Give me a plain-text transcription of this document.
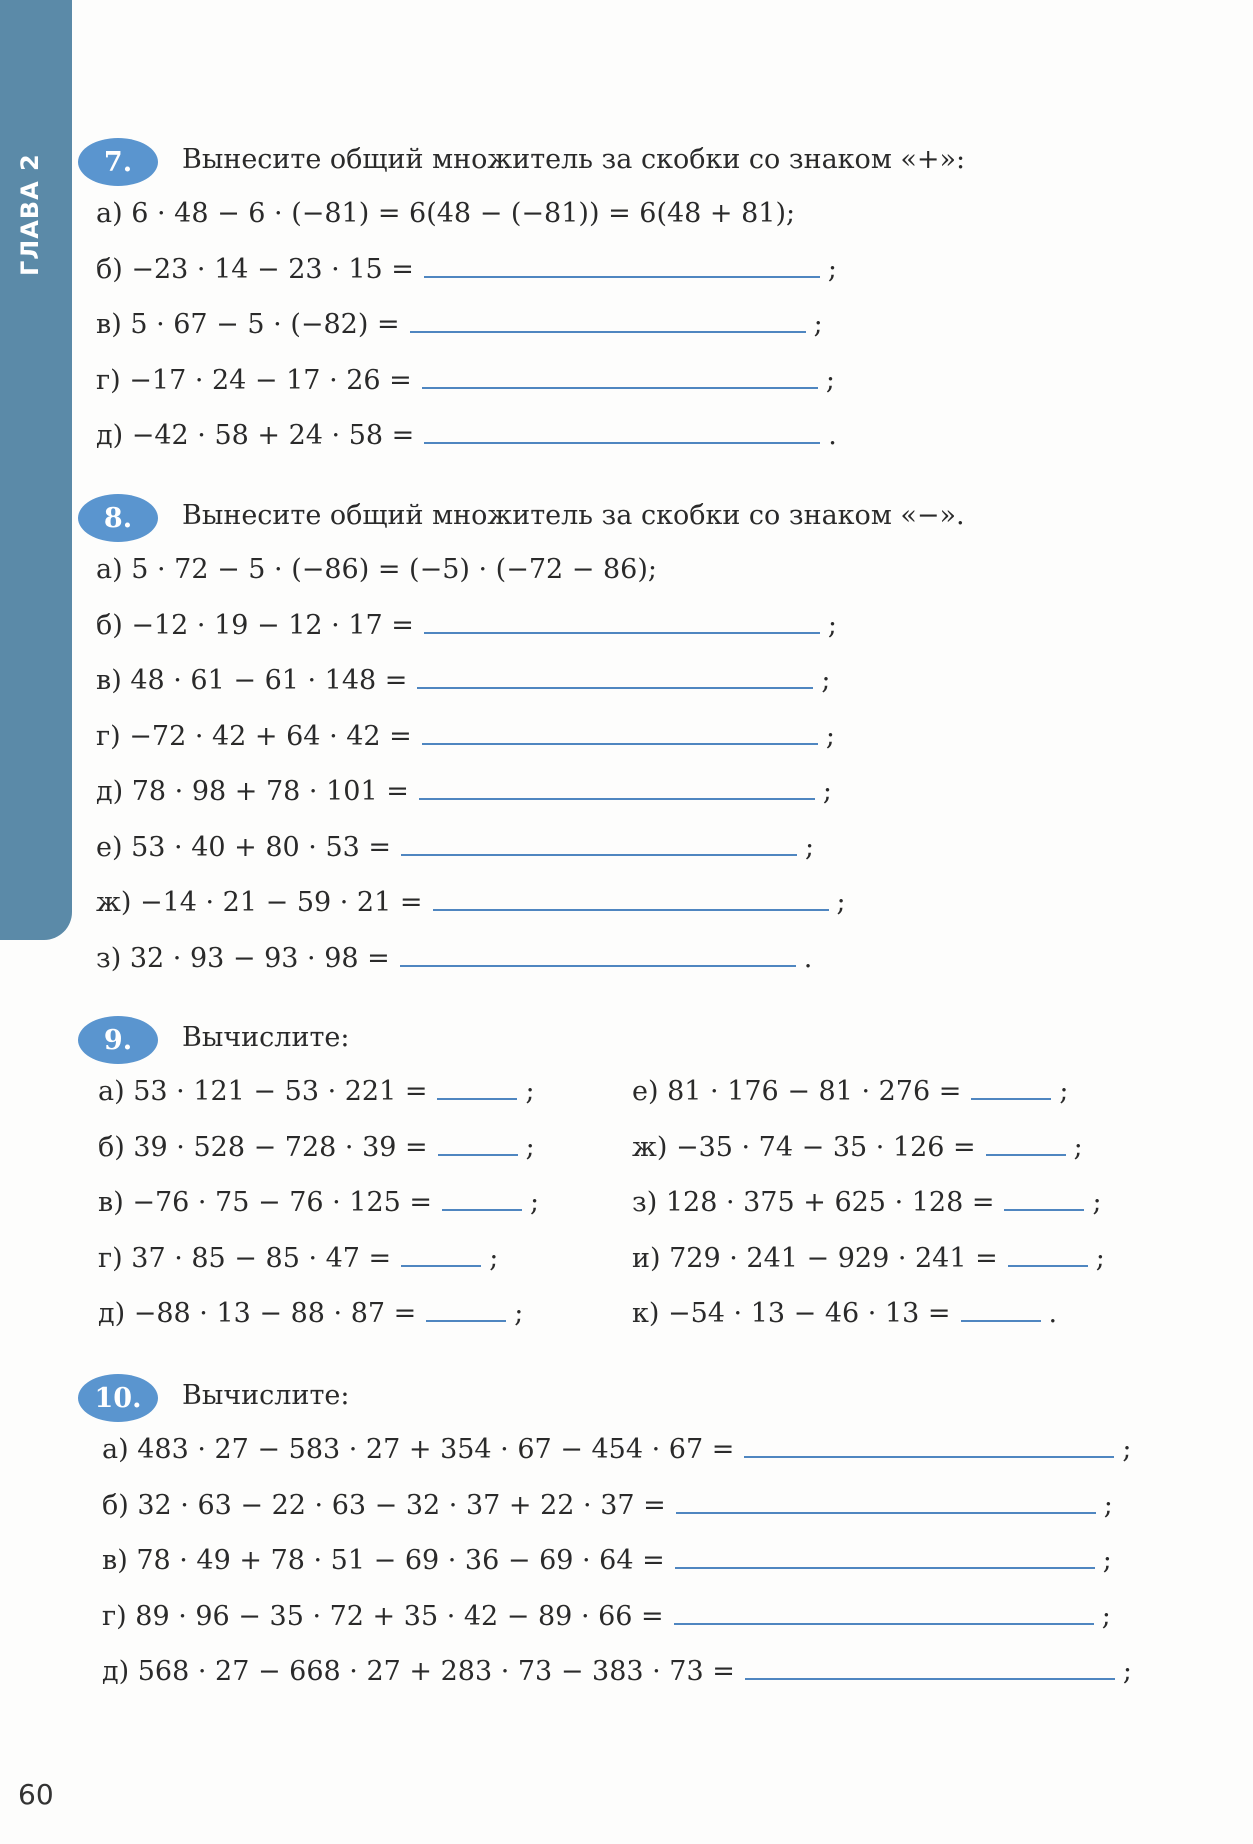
ГЛАВА 2	7.	Вынесите общий множитель за скобки со знаком «+»:
а) 6 · 48 − 6 · (−81) = 6(48 − (−81)) = 6(48 + 81);
б) −23 · 14 − 23 · 15 =	;
в) 5 · 67 − 5 · (−82) =	;
г) −17 · 24 − 17 · 26 =	;
д) −42 · 58 + 24 · 58 =	.
8.	Вынесите общий множитель за скобки со знаком «−».
а) 5 · 72 − 5 · (−86) = (−5) · (−72 − 86);
б) −12 · 19 − 12 · 17 =	;
в) 48 · 61 − 61 · 148 =	;
г) −72 · 42 + 64 · 42 =	;
д) 78 · 98 + 78 · 101 =	;
е) 53 · 40 + 80 · 53 =	;
ж) −14 · 21 − 59 · 21 =	;
з) 32 · 93 − 93 · 98 =	.
9.	Вычислите:
а) 53 · 121 − 53 · 221 =	;
б) 39 · 528 − 728 · 39 =	;
в) −76 · 75 − 76 · 125 =	;
г) 37 · 85 − 85 · 47 =	;
д) −88 · 13 − 88 · 87 =	;
е) 81 · 176 − 81 · 276 =	;
ж) −35 · 74 − 35 · 126 =	;
з) 128 · 375 + 625 · 128 =	;
и) 729 · 241 − 929 · 241 =	;
к) −54 · 13 − 46 · 13 =	.
10.	Вычислите:
а) 483 · 27 − 583 · 27 + 354 · 67 − 454 · 67 =	;
б) 32 · 63 − 22 · 63 − 32 · 37 + 22 · 37 =	;
в) 78 · 49 + 78 · 51 − 69 · 36 − 69 · 64 =	;
г) 89 · 96 − 35 · 72 + 35 · 42 − 89 · 66 =	;
д) 568 · 27 − 668 · 27 + 283 · 73 − 383 · 73 =	;
60
